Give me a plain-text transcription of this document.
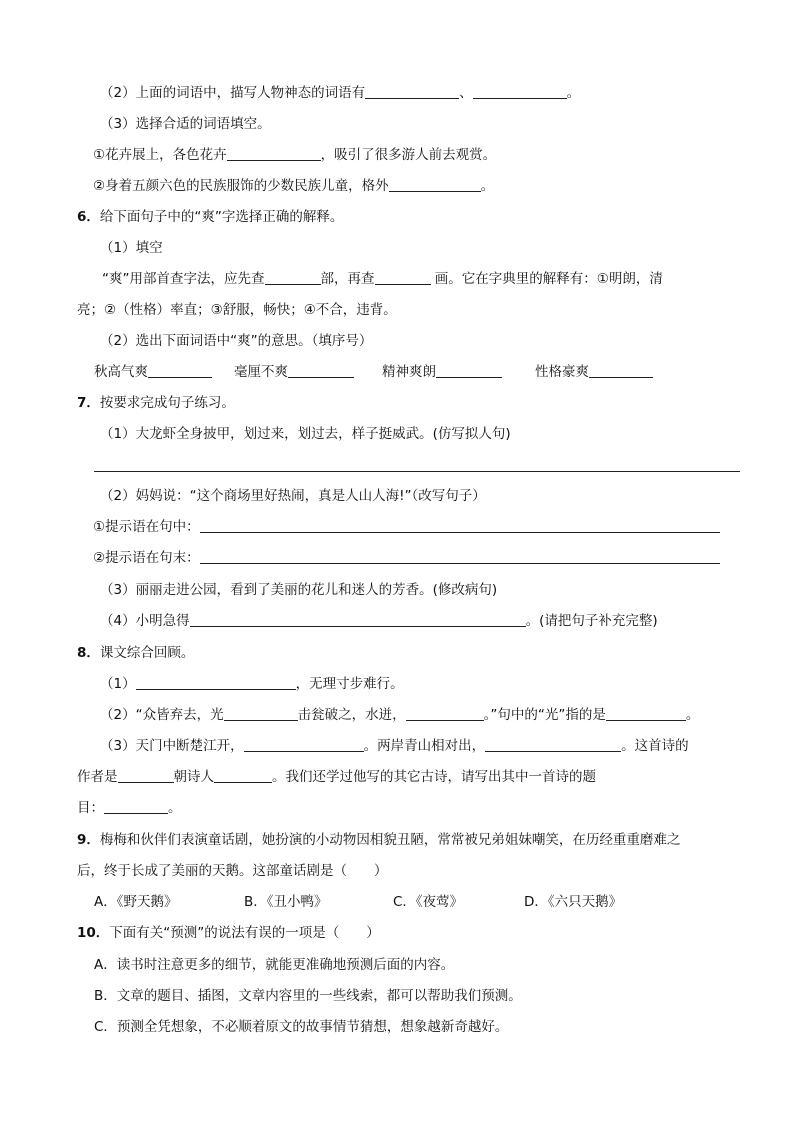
（2）上面的词语中，描写人物神态的词语有	、	。
（3）选择合适的词语填空。
①花卉展上，各色花卉	，吸引了很多游人前去观赏。
②身着五颜六色的民族服饰的少数民族儿童，格外	。
6．给下面句子中的“爽”字选择正确的解释。
（1）填空
“爽”用部首查字法，应先查	部，再查	画。它在字典里的解释有：①明朗，清
亮；②（性格）率直；③舒服，畅快；④不合，违背。
（2）选出下面词语中“爽”的意思。（填序号）
秋高气爽	毫厘不爽	精神爽朗	性格豪爽
7．按要求完成句子练习。
（1）大龙虾全身披甲，划过来，划过去，样子挺威武。(仿写拟人句)
（2）妈妈说：“这个商场里好热闹，真是人山人海!”（改写句子）
①提示语在句中：
②提示语在句末：
（3）丽丽走进公园，看到了美丽的花儿和迷人的芳香。(修改病句)
（4）小明急得	。(请把句子补充完整)
8．课文综合回顾。
（1）	，无理寸步难行。
（2）“众皆弃去，光	击瓮破之，水迸，	。”句中的“光”指的是	。
（3）天门中断楚江开，	。两岸青山相对出，	。这首诗的
作者是	朝诗人	。我们还学过他写的其它古诗，请写出其中一首诗的题
目：	。
9．梅梅和伙伴们表演童话剧，她扮演的小动物因相貌丑陋，常常被兄弟姐妹嘲笑，在历经重重磨难之
后，终于长成了美丽的天鹅。这部童话剧是（　　）
A．《野天鹅》	B．《丑小鸭》	C．《夜莺》	D．《六只天鹅》
10．下面有关“预测”的说法有误的一项是（　　）
A．读书时注意更多的细节，就能更准确地预测后面的内容。
B．文章的题目、插图，文章内容里的一些线索，都可以帮助我们预测。
C．预测全凭想象，不必顺着原文的故事情节猜想，想象越新奇越好。
